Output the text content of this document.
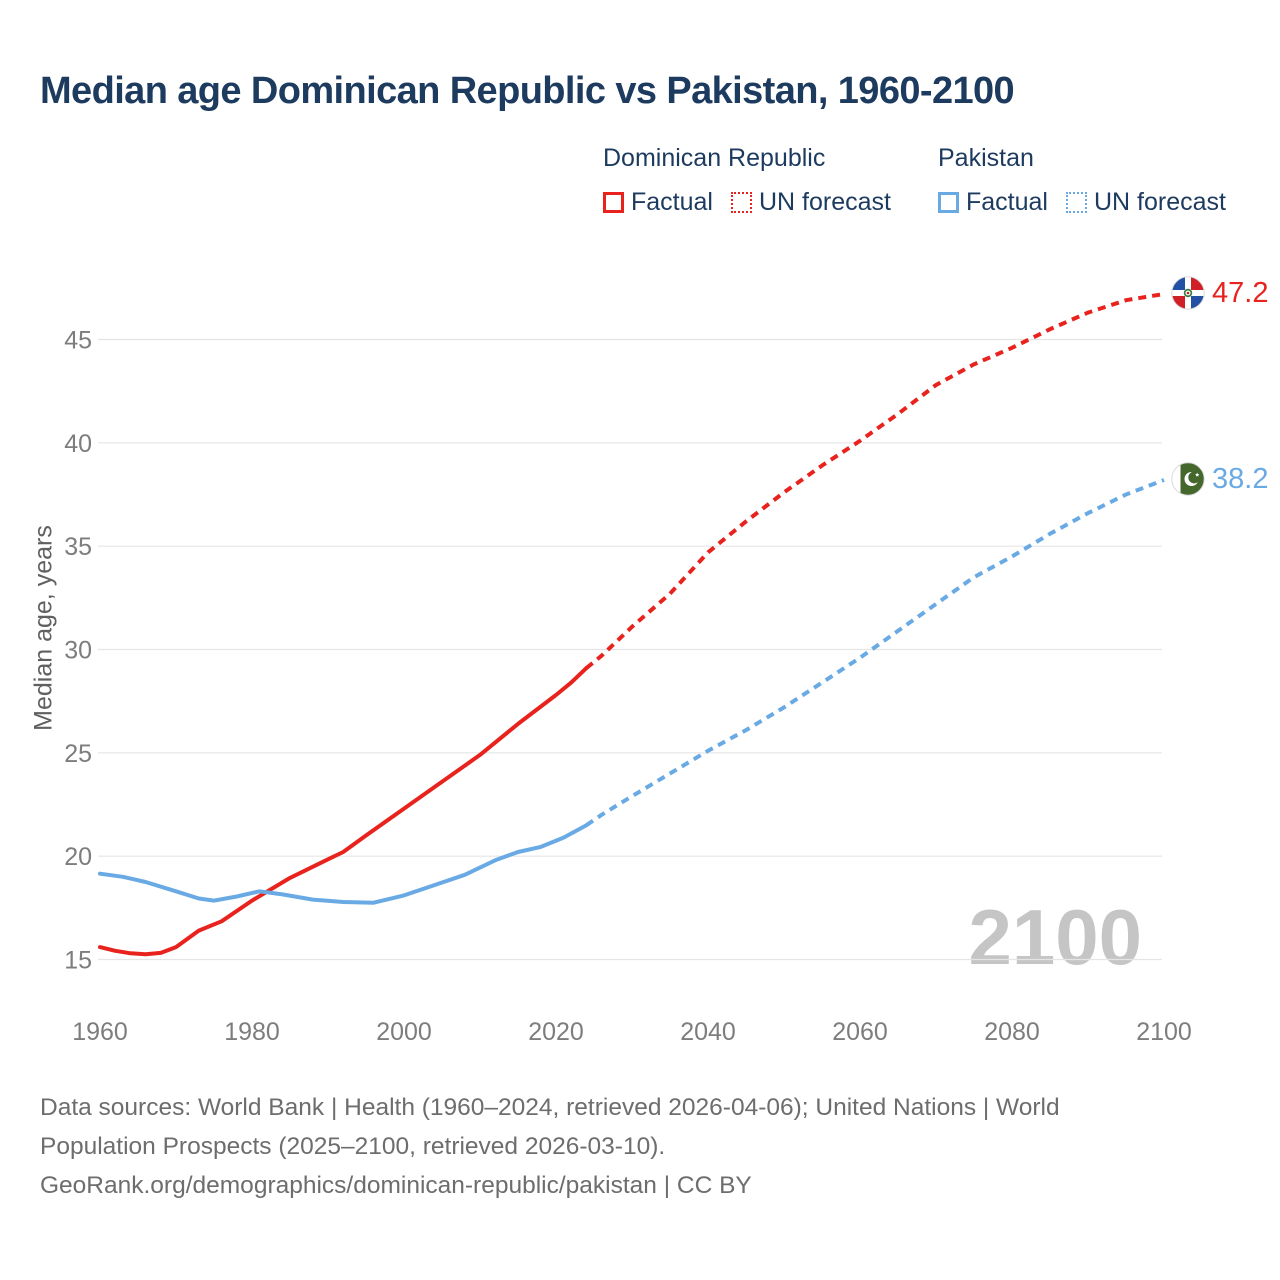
Median age Dominican Republic vs Pakistan, 1960-2100
Dominican Republic
Factual UN forecast
Pakistan
Factual UN forecast
2100
15
20
25
30
35
40
45
1960	1980	2000	2020	2040	2060	2080	2100
Median age, years
47.2
38.2
Data sources: World Bank | Health (1960–2024, retrieved 2026-04-06); United Nations | World
Population Prospects (2025–2100, retrieved 2026-03-10).
GeoRank.org/demographics/dominican-republic/pakistan | CC BY
